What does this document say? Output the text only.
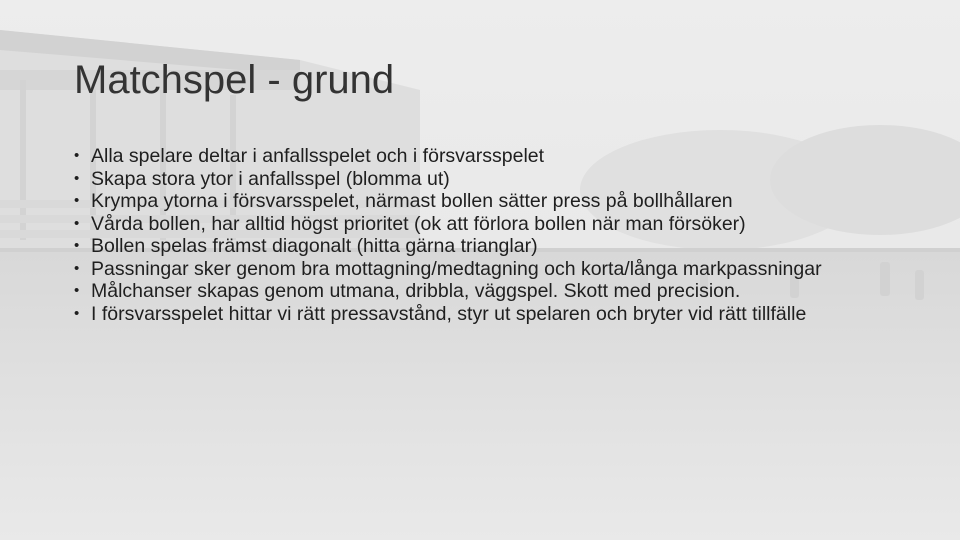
Matchspel - grund
• Alla spelare deltar i anfallsspelet och i försvarsspelet
• Skapa stora ytor i anfallsspel (blomma ut)
• Krympa ytorna i försvarsspelet, närmast bollen sätter press på bollhållaren
• Vårda bollen, har alltid högst prioritet (ok att förlora bollen när man försöker)
• Bollen spelas främst diagonalt (hitta gärna trianglar)
• Passningar sker genom bra mottagning/medtagning och korta/långa markpassningar
• Målchanser skapas genom utmana, dribbla, väggspel. Skott med precision.
• I försvarsspelet hittar vi rätt pressavstånd, styr ut spelaren och bryter vid rätt tillfälle
